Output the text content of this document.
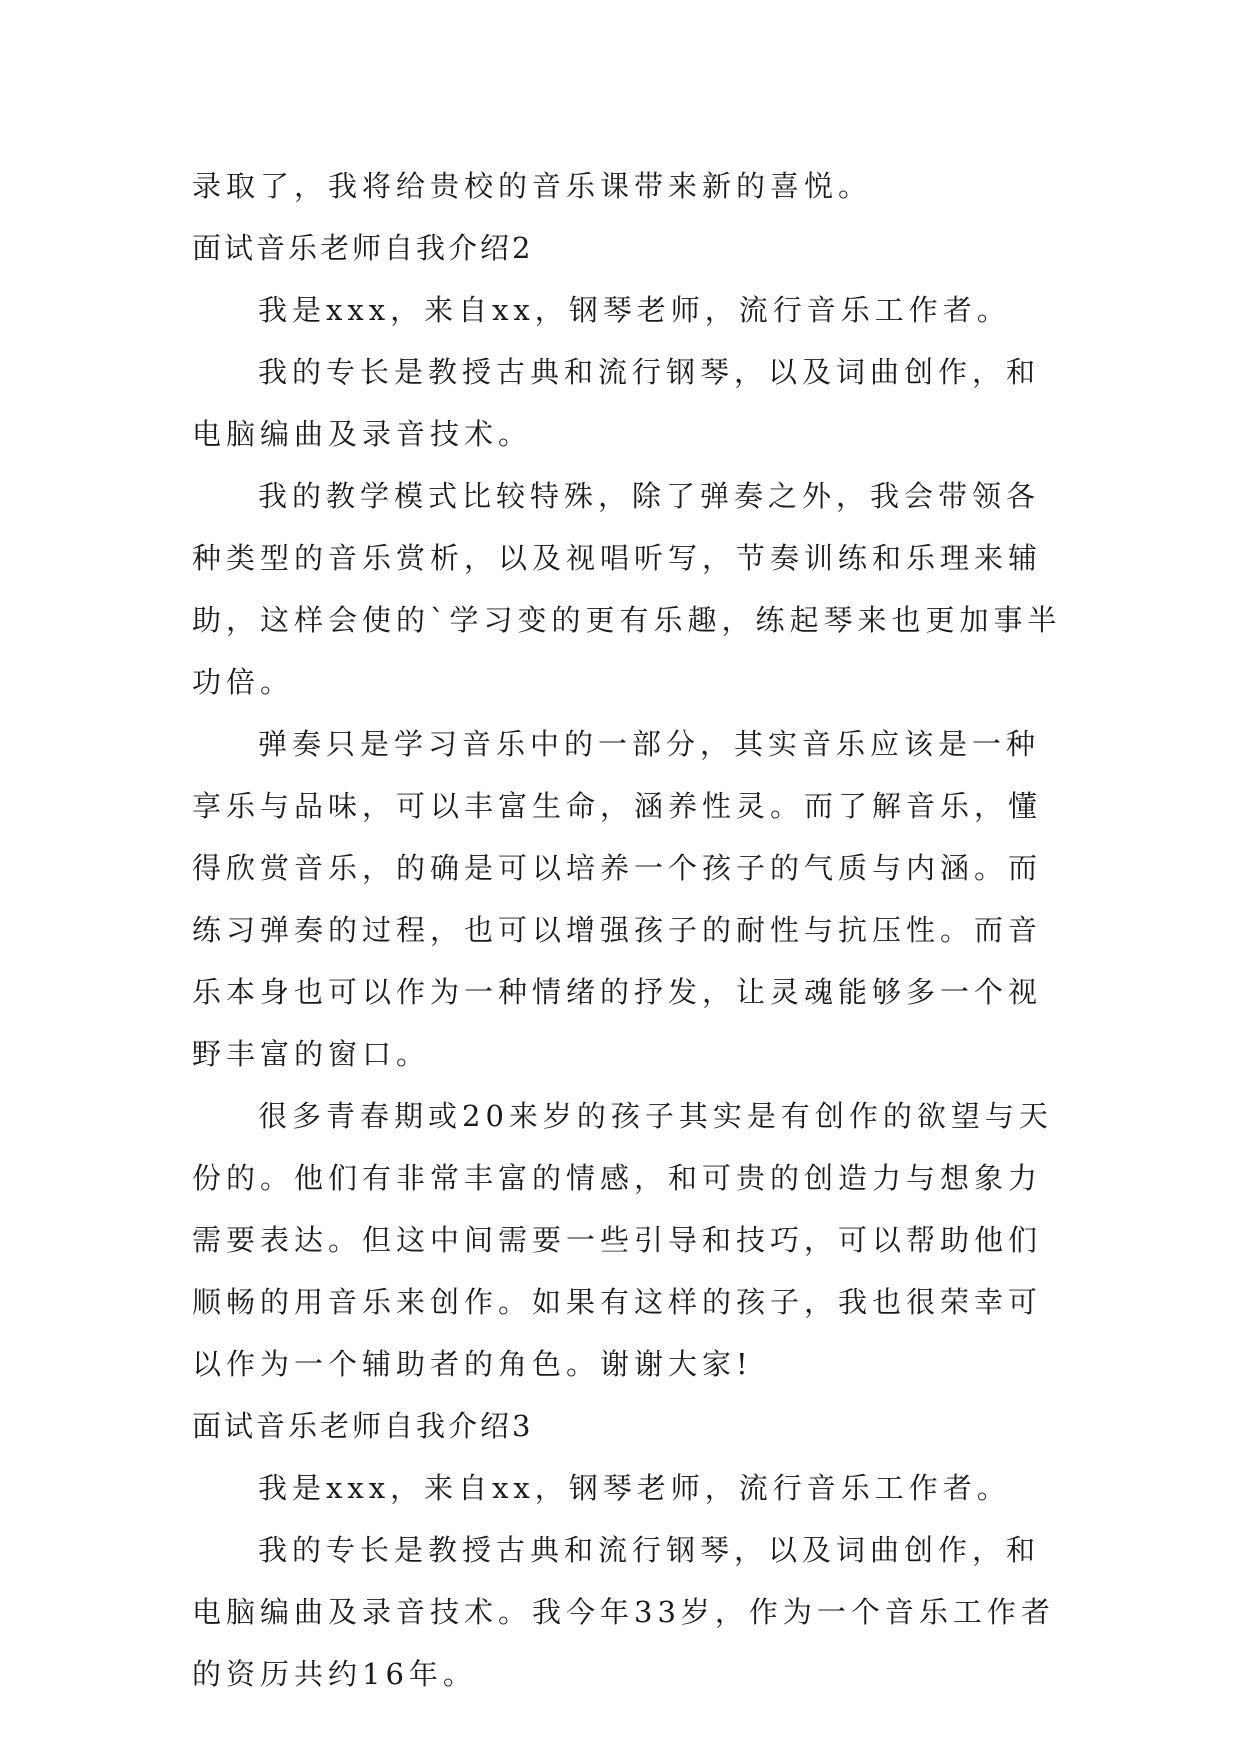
录取了，我将给贵校的音乐课带来新的喜悦。

面试音乐老师自我介绍2

我是xxx，来自xx，钢琴老师，流行音乐工作者。

我的专长是教授古典和流行钢琴，以及词曲创作，和电脑编曲及录音技术。

我的教学模式比较特殊，除了弹奏之外，我会带领各种类型的音乐赏析，以及视唱听写，节奏训练和乐理来辅助，这样会使的`学习变的更有乐趣，练起琴来也更加事半功倍。

弹奏只是学习音乐中的一部分，其实音乐应该是一种享乐与品味，可以丰富生命，涵养性灵。而了解音乐，懂得欣赏音乐，的确是可以培养一个孩子的气质与内涵。而练习弹奏的过程，也可以增强孩子的耐性与抗压性。而音乐本身也可以作为一种情绪的抒发，让灵魂能够多一个视野丰富的窗口。

很多青春期或20来岁的孩子其实是有创作的欲望与天份的。他们有非常丰富的情感，和可贵的创造力与想象力需要表达。但这中间需要一些引导和技巧，可以帮助他们顺畅的用音乐来创作。如果有这样的孩子，我也很荣幸可以作为一个辅助者的角色。谢谢大家!

面试音乐老师自我介绍3

我是xxx，来自xx，钢琴老师，流行音乐工作者。

我的专长是教授古典和流行钢琴，以及词曲创作，和电脑编曲及录音技术。我今年33岁，作为一个音乐工作者的资历共约16年。
